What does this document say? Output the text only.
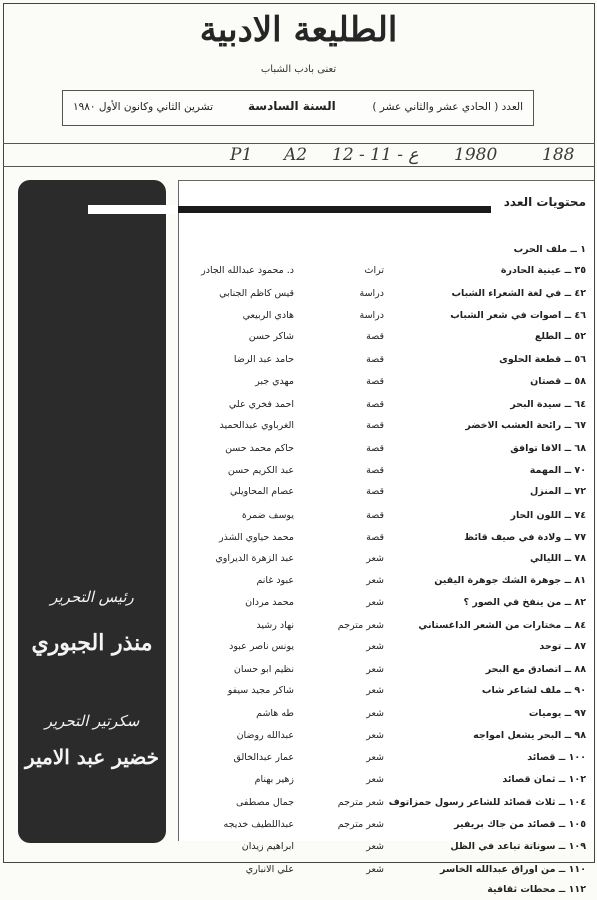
الطليعة الادبية
تعنى بادب الشباب
العدد ( الحادي عشر والثاني عشر )
السنة السادسة
تشرين الثاني وكانون الأول ١٩٨٠
P1 A2 12 - 11 - ع 1980	188
رئيس التحرير
منذر الجبوري
سكرتير التحرير
خضير عبد الامير
محتويات العدد
١ ــ ملف الحرب
٣٥ ــ عينية الحادرة
تراث
د. محمود عبدالله الجادر
٤٢ ــ في لغة الشعراء الشباب
دراسة
قيس كاظم الجنابي
٤٦ ــ اصوات في شعر الشباب
دراسة
هادي الربيعي
٥٢ ــ الطلع
قصة
شاكر حسن
٥٦ ــ قطعة الحلوى
قصة
حامد عبد الرضا
٥٨ ــ قصتان
قصة
مهدي جبر
٦٤ ــ سيدة البحر
قصة
احمد فخري علي
٦٧ ــ رائحة العشب الاخضر
قصة
الغرباوي عبدالحميد
٦٨ ــ الافا توافق
قصة
حاكم محمد حسن
٧٠ ــ المهمة
قصة
عبد الكريم حسن
٧٢ ــ المنزل
قصة
عصام المحاويلي
٧٤ ــ اللون الحار
قصة
يوسف ضمرة
٧٧ ــ ولادة في صيف قائظ
قصة
محمد حياوي الشذر
٧٨ ــ الليالي
شعر
عبد الزهرة الديراوي
٨١ ــ جوهرة الشك جوهرة اليقين
شعر
عبود غانم
٨٢ ــ من ينفخ في الصور ؟
شعر
محمد مردان
٨٤ ــ مختارات من الشعر الداغستاني
شعر مترجم
نهاد رشيد
٨٧ ــ توحد
شعر
يونس ناصر عبود
٨٨ ــ اتصادق مع البحر
شعر
نظيم ابو حسان
٩٠ ــ ملف لشاعر شاب
شعر
شاكر مجيد سيفو
٩٧ ــ يوميات
شعر
طه هاشم
٩٨ ــ البحر يشعل امواجه
شعر
عبدالله روضان
١٠٠ ــ قصائد
شعر
عمار عبدالخالق
١٠٢ ــ ثمان قصائد
شعر
زهير بهنام
١٠٤ ــ ثلاث قصائد للشاعر رسول حمزاتوف
شعر مترجم
جمال مصطفى
١٠٥ ــ قصائد من جاك بريفير
شعر مترجم
عبداللطيف خديجه
١٠٩ ــ سوناتة تباعد في الظل
شعر
ابراهيم زيدان
١١٠ ــ من اوراق عبدالله الخاسر
شعر
علي الانباري
١١٢ ــ محطات ثقافية
